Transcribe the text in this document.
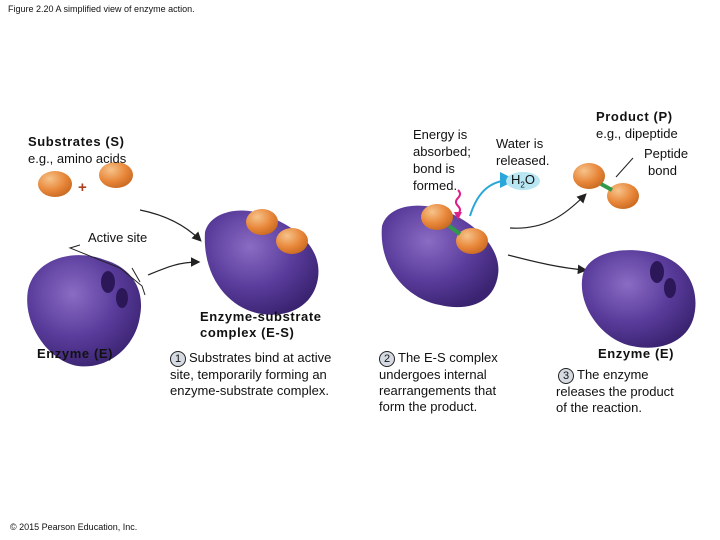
Figure 2.20 A simplified view of enzyme action.
Substrates (S)
e.g., amino acids
+
Active site
Enzyme (E)
Enzyme-substrate
complex (E-S)
Energy is
absorbed;
bond is
formed.
Water is
released.
$H_2O$
Product (P)
e.g., dipeptide
Peptide
bond
Enzyme (E)
1 Substrates bind at active
site, temporarily forming an
enzyme-substrate complex.
2 The E-S complex
undergoes internal
rearrangements that
form the product.
3 The enzyme
releases the product
of the reaction.
© 2015 Pearson Education, Inc.
